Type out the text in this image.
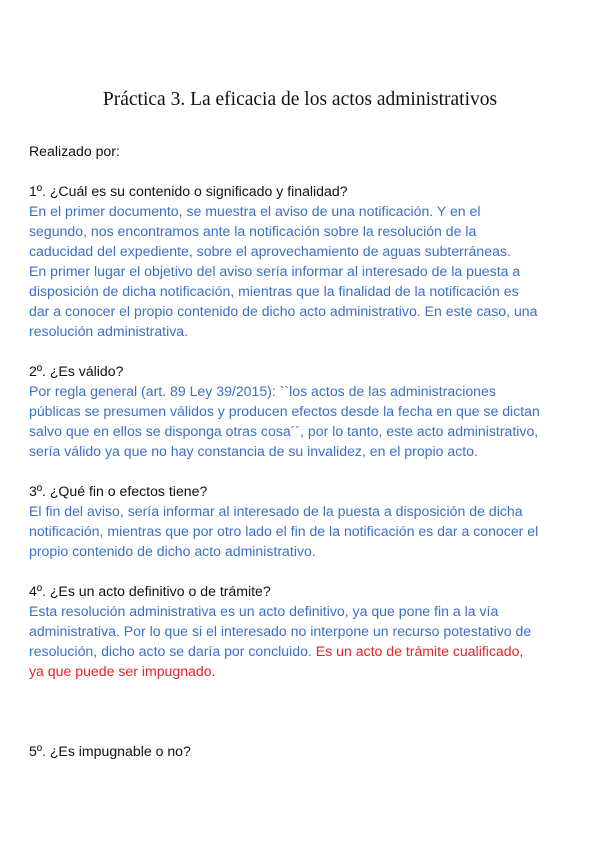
Práctica 3. La eficacia de los actos administrativos
Realizado por:
1º. ¿Cuál es su contenido o significado y finalidad?
En el primer documento, se muestra el aviso de una notificación. Y en el
segundo, nos encontramos ante la notificación sobre la resolución de la
caducidad del expediente, sobre el aprovechamiento de aguas subterráneas.
En primer lugar el objetivo del aviso sería informar al interesado de la puesta a
disposición de dicha notificación, mientras que la finalidad de la notificación es
dar a conocer el propio contenido de dicho acto administrativo. En este caso, una
resolución administrativa.
2º. ¿Es válido?
Por regla general (art. 89 Ley 39/2015): ``los actos de las administraciones
públicas se presumen válidos y producen efectos desde la fecha en que se dictan
salvo que en ellos se disponga otras cosa´´, por lo tanto, este acto administrativo,
sería válido ya que no hay constancia de su invalidez, en el propio acto.
3º. ¿Qué fin o efectos tiene?
El fin del aviso, sería informar al interesado de la puesta a disposición de dicha
notificación, mientras que por otro lado el fin de la notificación es dar a conocer el
propio contenido de dicho acto administrativo.
4º. ¿Es un acto definitivo o de trámite?
Esta resolución administrativa es un acto definitivo, ya que pone fin a la vía
administrativa. Por lo que si el interesado no interpone un recurso potestativo de
resolución, dicho acto se daría por concluido. Es un acto de trámite cualificado,
ya que puede ser impugnado.
5º. ¿Es impugnable o no?
